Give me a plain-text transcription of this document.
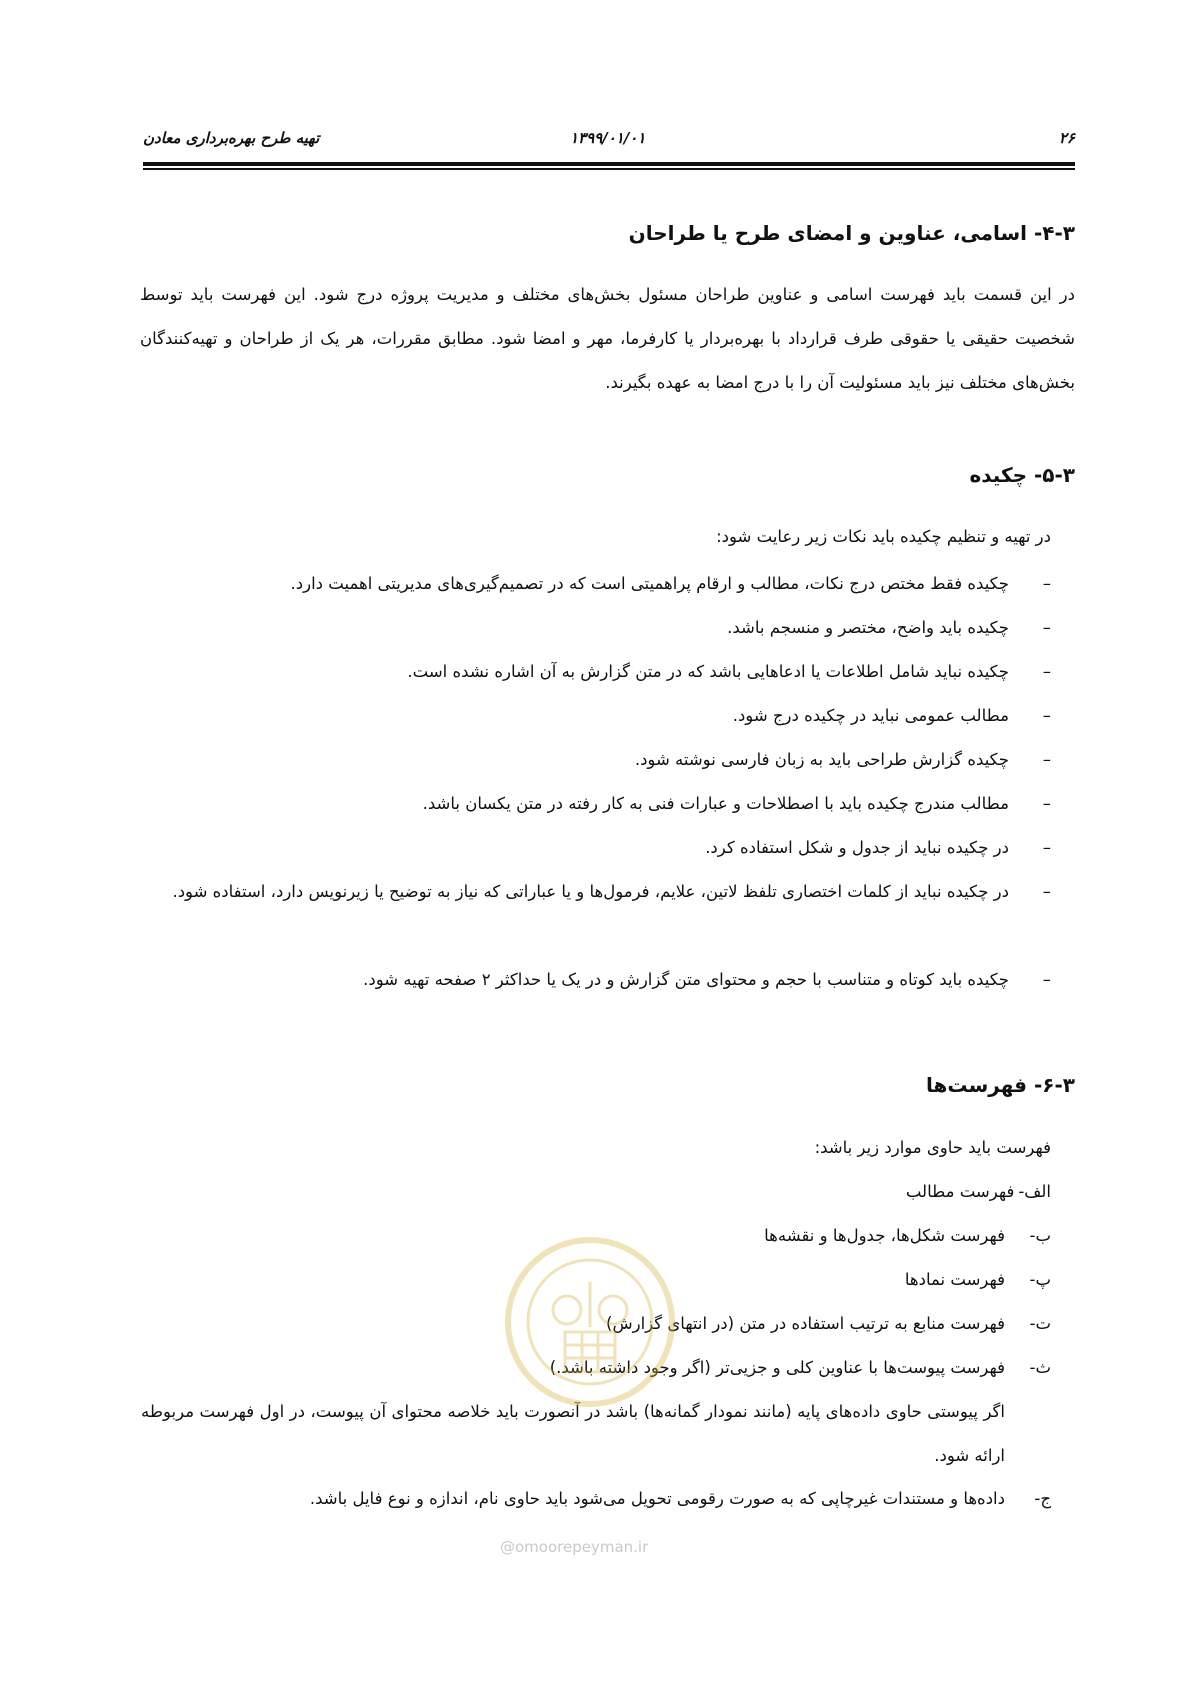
تهیه طرح بهره‌برداری معادن	۱۳۹۹/۰۱/۰۱	۲۶
۴-۳- اسامی، عناوین و امضای طرح یا طراحان
در این قسمت باید فهرست اسامی و عناوین طراحان مسئول بخش‌های مختلف و مدیریت پروژه درج شود. این فهرست باید توسط شخصیت حقیقی یا حقوقی طرف قرارداد با بهره‌بردار یا کارفرما، مهر و امضا شود. مطابق مقررات، هر یک از طراحان و تهیه‌کنندگان بخش‌های مختلف نیز باید مسئولیت آن را با درج امضا به عهده بگیرند.
۵-۳- چکیده
در تهیه و تنظیم چکیده باید نکات زیر رعایت شود:
–
چکیده فقط مختص درج نکات، مطالب و ارقام پراهمیتی است که در تصمیم‌گیری‌های مدیریتی اهمیت دارد.
–
چکیده باید واضح، مختصر و منسجم باشد.
–
چکیده نباید شامل اطلاعات یا ادعاهایی باشد که در متن گزارش به آن اشاره نشده است.
–
مطالب عمومی نباید در چکیده درج شود.
–
چکیده گزارش طراحی باید به زبان فارسی نوشته شود.
–
مطالب مندرج چکیده باید با اصطلاحات و عبارات فنی به کار رفته در متن یکسان باشد.
–
در چکیده نباید از جدول و شکل استفاده کرد.
–
در چکیده نباید از کلمات اختصاری تلفظ لاتین، علایم، فرمول‌ها و یا عباراتی که نیاز به توضیح یا زیرنویس دارد، استفاده شود.
–
چکیده باید کوتاه و متناسب با حجم و محتوای متن گزارش و در یک یا حداکثر ۲ صفحه تهیه شود.
۶-۳- فهرست‌ها
فهرست باید حاوی موارد زیر باشد:
الف-
فهرست مطالب
ب-
فهرست شکل‌ها، جدول‌ها و نقشه‌ها
پ-
فهرست نمادها
ت-
فهرست منابع به ترتیب استفاده در متن (در انتهای گزارش)
ث-
فهرست پیوست‌ها با عناوین کلی و جزیی‌تر (اگر وجود داشته باشد.)
اگر پیوستی حاوی داده‌های پایه (مانند نمودار گمانه‌ها) باشد در آنصورت باید خلاصه محتوای آن پیوست، در اول فهرست مربوطه ارائه شود.
ج-
داده‌ها و مستندات غیرچاپی که به صورت رقومی تحویل می‌شود باید حاوی نام، اندازه و نوع فایل باشد.
@omoorepeyman.ir
